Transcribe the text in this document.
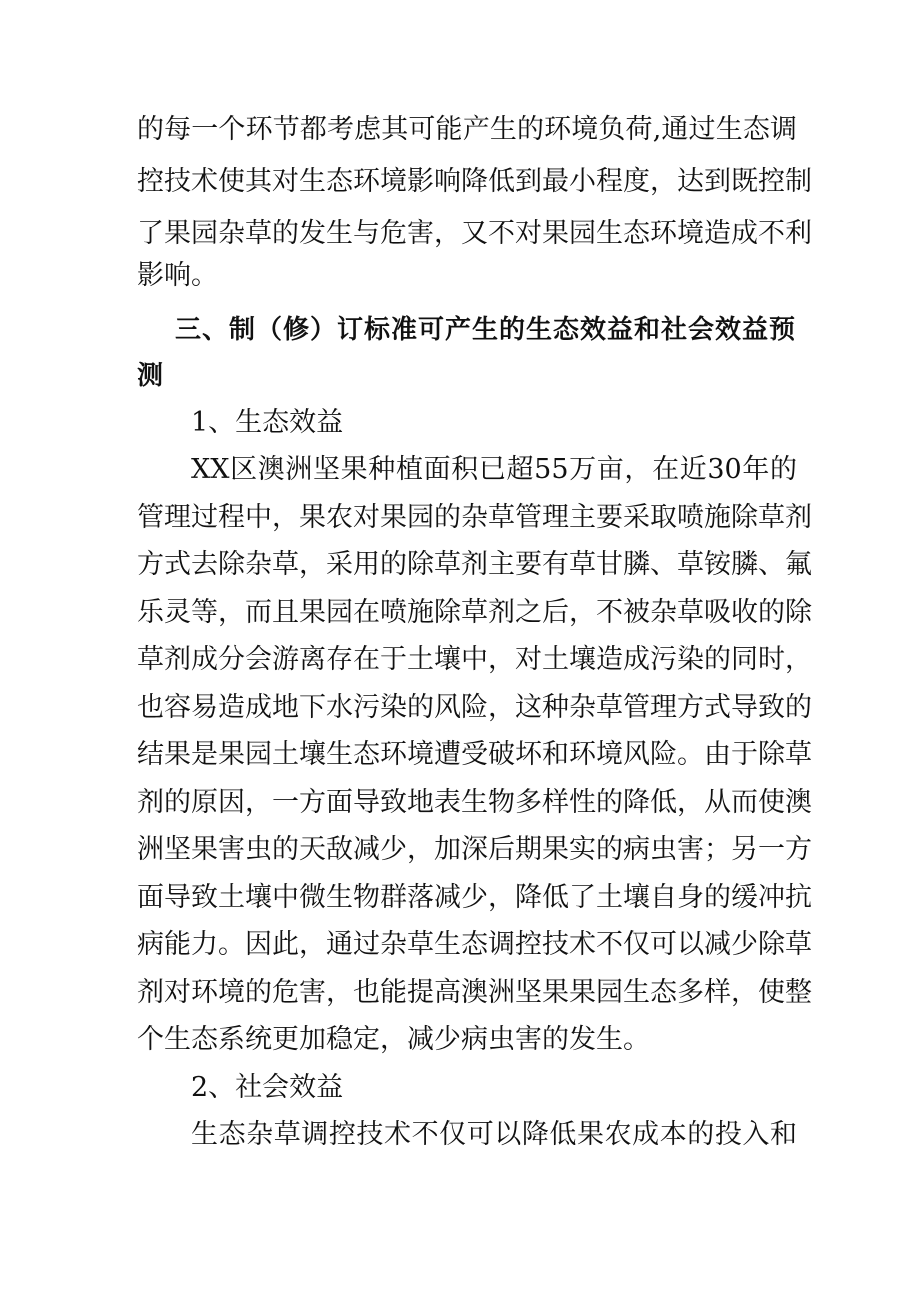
的每一个环节都考虑其可能产生的环境负荷,通过生态调
控技术使其对生态环境影响降低到最小程度，达到既控制
了果园杂草的发生与危害，又不对果园生态环境造成不利
影响。
三、制（修）订标准可产生的生态效益和社会效益预
测
1、生态效益
XX区澳洲坚果种植面积已超55万亩，在近30年的
管理过程中，果农对果园的杂草管理主要采取喷施除草剂
方式去除杂草，采用的除草剂主要有草甘膦、草铵膦、氟
乐灵等，而且果园在喷施除草剂之后，不被杂草吸收的除
草剂成分会游离存在于土壤中，对土壤造成污染的同时，
也容易造成地下水污染的风险，这种杂草管理方式导致的
结果是果园土壤生态环境遭受破坏和环境风险。由于除草
剂的原因，一方面导致地表生物多样性的降低，从而使澳
洲坚果害虫的天敌减少，加深后期果实的病虫害；另一方
面导致土壤中微生物群落减少，降低了土壤自身的缓冲抗
病能力。因此，通过杂草生态调控技术不仅可以减少除草
剂对环境的危害，也能提高澳洲坚果果园生态多样，使整
个生态系统更加稳定，减少病虫害的发生。
2、社会效益
生态杂草调控技术不仅可以降低果农成本的投入和
